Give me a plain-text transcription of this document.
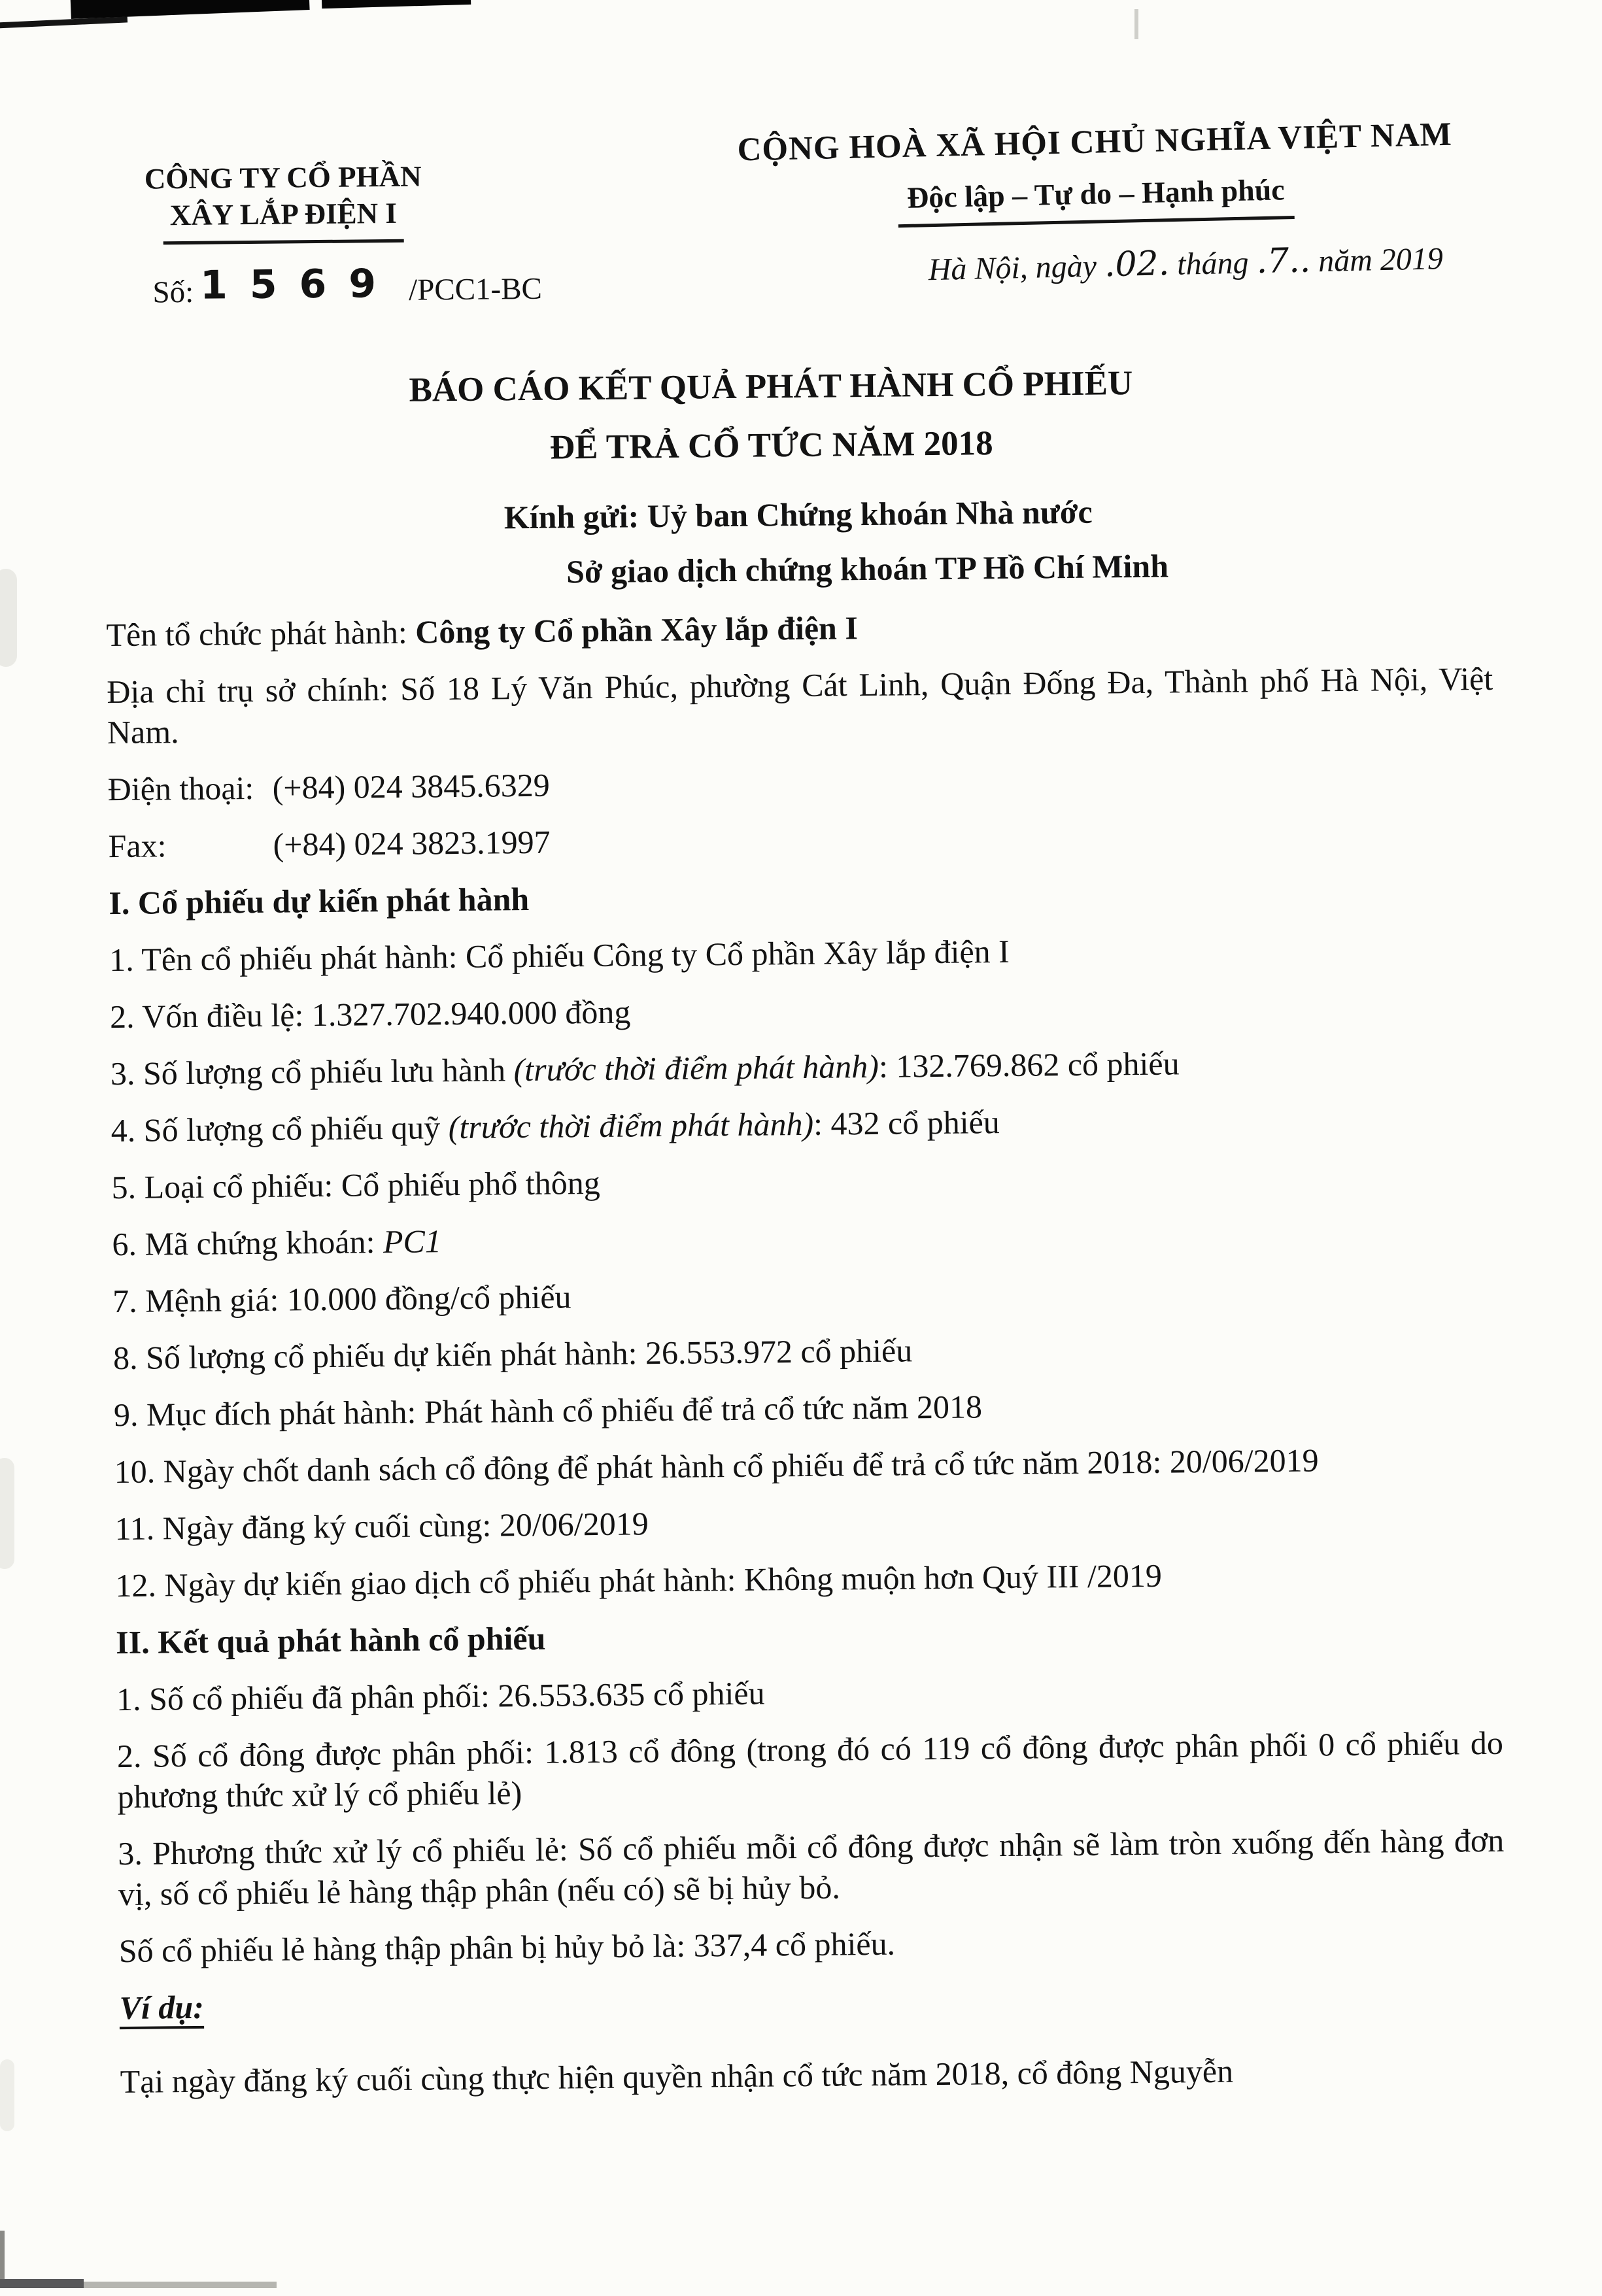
CÔNG TY CỔ PHẦN
XÂY LẮP ĐIỆN I
Số: 1569 /PCC1-BC
CỘNG HOÀ XÃ HỘI CHỦ NGHĨA VIỆT NAM
Độc lập – Tự do – Hạnh phúc
Hà Nội, ngày .02. tháng .7.. năm 2019
BÁO CÁO KẾT QUẢ PHÁT HÀNH CỔ PHIẾU
ĐỂ TRẢ CỔ TỨC NĂM 2018
Kính gửi: Uỷ ban Chứng khoán Nhà nước
Sở giao dịch chứng khoán TP Hồ Chí Minh

Tên tổ chức phát hành: Công ty Cổ phần Xây lắp điện I

Địa chỉ trụ sở chính: Số 18 Lý Văn Phúc, phường Cát Linh, Quận Đống Đa, Thành phố Hà Nội, Việt Nam.

Điện thoại: (+84) 024 3845.6329

Fax:	(+84) 024 3823.1997

I. Cổ phiếu dự kiến phát hành

1. Tên cổ phiếu phát hành: Cổ phiếu Công ty Cổ phần Xây lắp điện I

2. Vốn điều lệ: 1.327.702.940.000 đồng

3. Số lượng cổ phiếu lưu hành (trước thời điểm phát hành): 132.769.862 cổ phiếu

4. Số lượng cổ phiếu quỹ (trước thời điểm phát hành): 432 cổ phiếu

5. Loại cổ phiếu: Cổ phiếu phổ thông

6. Mã chứng khoán: PC1

7. Mệnh giá: 10.000 đồng/cổ phiếu

8. Số lượng cổ phiếu dự kiến phát hành: 26.553.972 cổ phiếu

9. Mục đích phát hành: Phát hành cổ phiếu để trả cổ tức năm 2018

10. Ngày chốt danh sách cổ đông để phát hành cổ phiếu để trả cổ tức năm 2018: 20/06/2019

11. Ngày đăng ký cuối cùng: 20/06/2019

12. Ngày dự kiến giao dịch cổ phiếu phát hành: Không muộn hơn Quý III /2019

II. Kết quả phát hành cổ phiếu

1. Số cổ phiếu đã phân phối: 26.553.635 cổ phiếu

2. Số cổ đông được phân phối: 1.813 cổ đông (trong đó có 119 cổ đông được phân phối 0 cổ phiếu do phương thức xử lý cổ phiếu lẻ)

3. Phương thức xử lý cổ phiếu lẻ: Số cổ phiếu mỗi cổ đông được nhận sẽ làm tròn xuống đến hàng đơn vị, số cổ phiếu lẻ hàng thập phân (nếu có) sẽ bị hủy bỏ.

Số cổ phiếu lẻ hàng thập phân bị hủy bỏ là: 337,4 cổ phiếu.

Ví dụ:

Tại ngày đăng ký cuối cùng thực hiện quyền nhận cổ tức năm 2018, cổ đông Nguyễn
